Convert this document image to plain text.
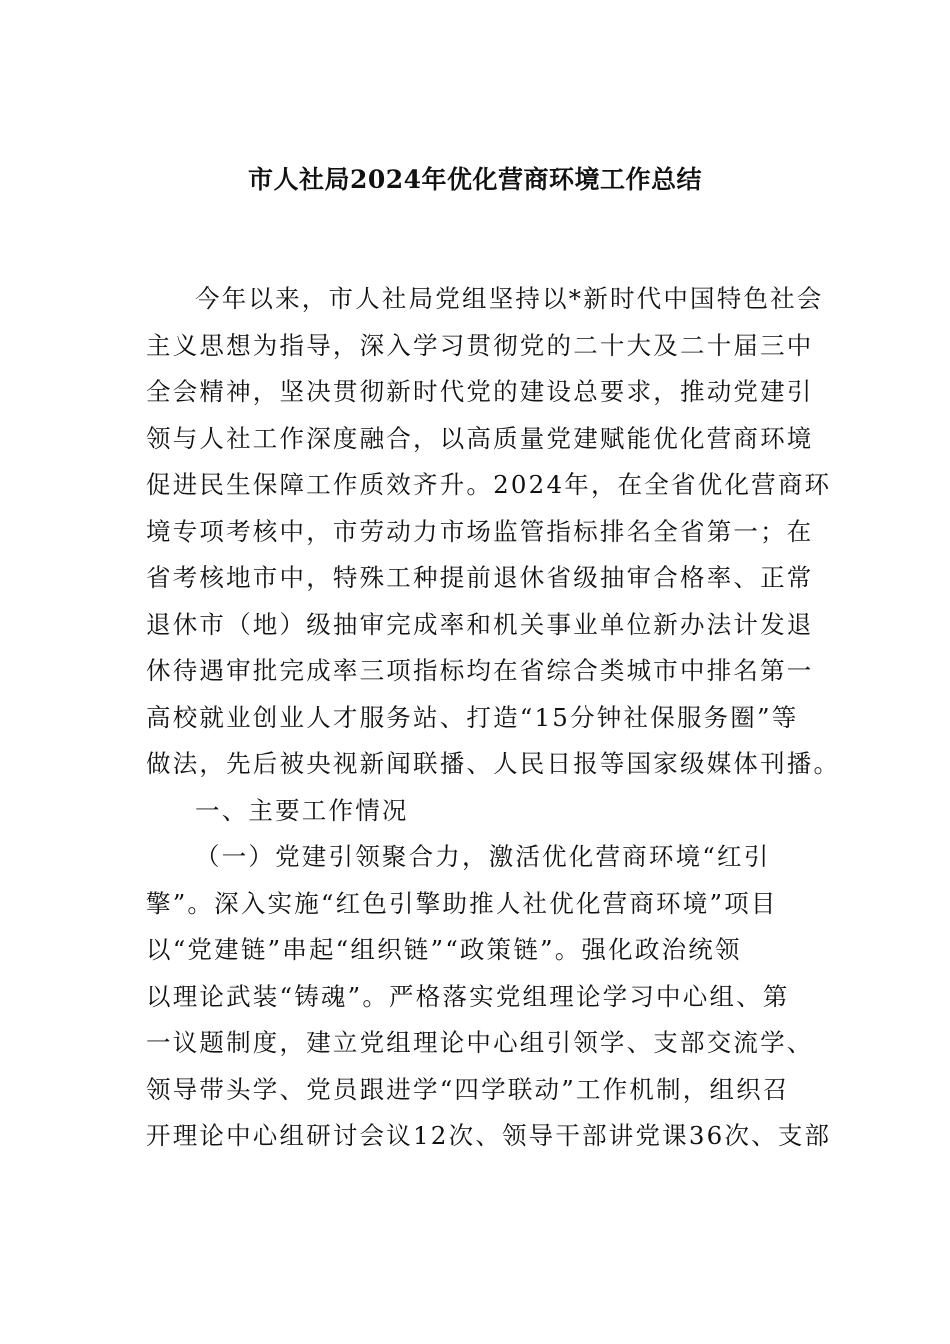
市人社局2024年优化营商环境工作总结
今年以来，市人社局党组坚持以*新时代中国特色社会
主义思想为指导，深入学习贯彻党的二十大及二十届三中
全会精神，坚决贯彻新时代党的建设总要求，推动党建引
领与人社工作深度融合，以高质量党建赋能优化营商环境
促进民生保障工作质效齐升。2024年，在全省优化营商环
境专项考核中，市劳动力市场监管指标排名全省第一；在
省考核地市中，特殊工种提前退休省级抽审合格率、正常
退休市（地）级抽审完成率和机关事业单位新办法计发退
休待遇审批完成率三项指标均在省综合类城市中排名第一
高校就业创业人才服务站、打造“15分钟社保服务圈”等
做法，先后被央视新闻联播、人民日报等国家级媒体刊播。
一、主要工作情况
（一）党建引领聚合力，激活优化营商环境“红引
擎”。深入实施“红色引擎助推人社优化营商环境”项目
以“党建链”串起“组织链”“政策链”。强化政治统领
以理论武装“铸魂”。严格落实党组理论学习中心组、第
一议题制度，建立党组理论中心组引领学、支部交流学、
领导带头学、党员跟进学“四学联动”工作机制，组织召
开理论中心组研讨会议12次、领导干部讲党课36次、支部
